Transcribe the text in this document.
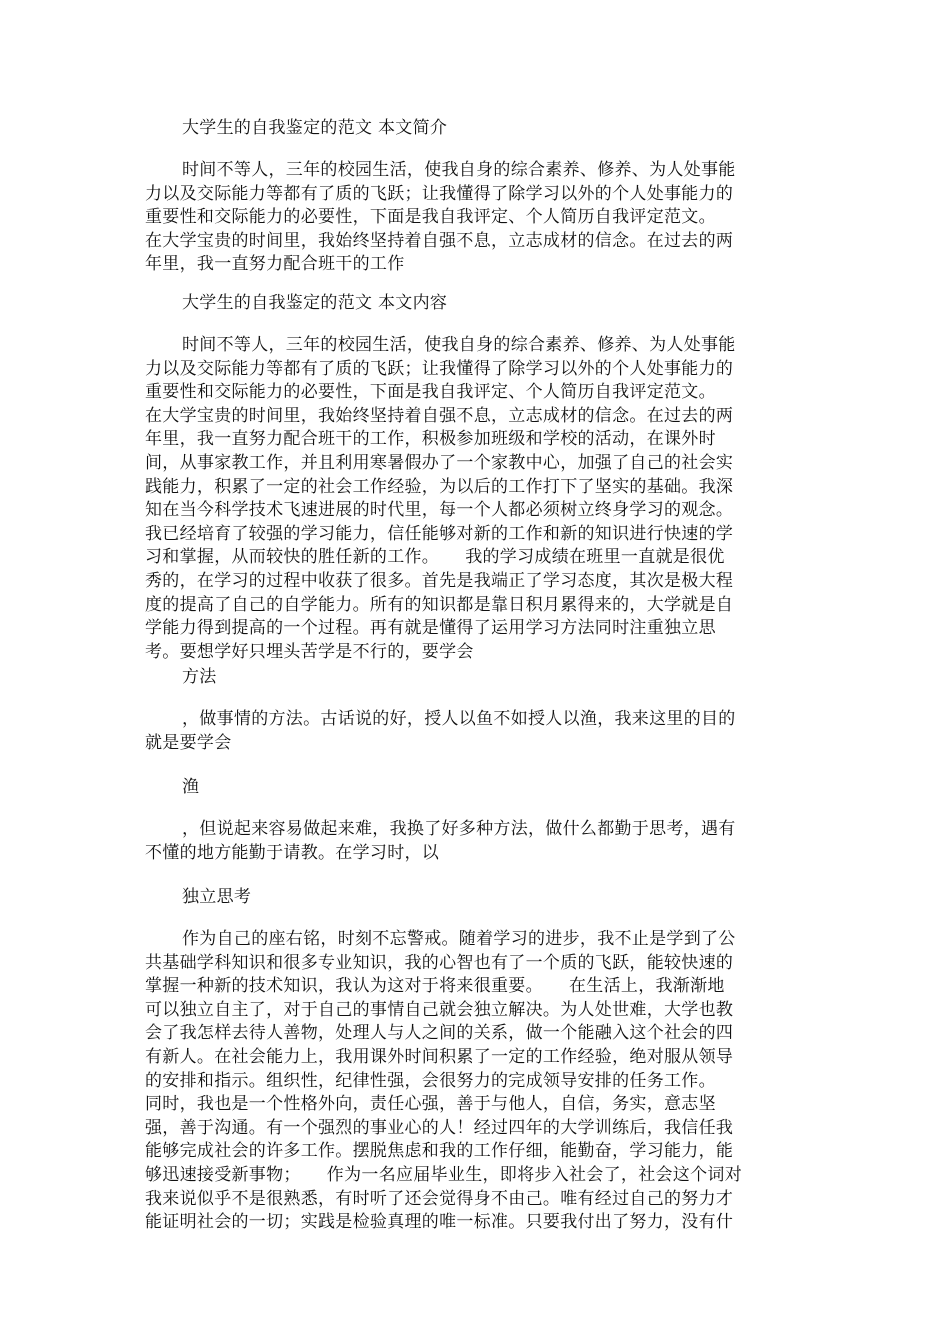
大学生的自我鉴定的范文 本文简介
时间不等人，三年的校园生活，使我自身的综合素养、修养、为人处事能
力以及交际能力等都有了质的飞跃；让我懂得了除学习以外的个人处事能力的
重要性和交际能力的必要性，下面是我自我评定、个人简历自我评定范文。
在大学宝贵的时间里，我始终坚持着自强不息，立志成材的信念。在过去的两
年里，我一直努力配合班干的工作
大学生的自我鉴定的范文 本文内容
时间不等人，三年的校园生活，使我自身的综合素养、修养、为人处事能
力以及交际能力等都有了质的飞跃；让我懂得了除学习以外的个人处事能力的
重要性和交际能力的必要性，下面是我自我评定、个人简历自我评定范文。
在大学宝贵的时间里，我始终坚持着自强不息，立志成材的信念。在过去的两
年里，我一直努力配合班干的工作，积极参加班级和学校的活动，在课外时
间，从事家教工作，并且利用寒暑假办了一个家教中心，加强了自己的社会实
践能力，积累了一定的社会工作经验，为以后的工作打下了坚实的基础。我深
知在当今科学技术飞速进展的时代里，每一个人都必须树立终身学习的观念。
我已经培育了较强的学习能力，信任能够对新的工作和新的知识进行快速的学
习和掌握，从而较快的胜任新的工作。　　我的学习成绩在班里一直就是很优
秀的，在学习的过程中收获了很多。首先是我端正了学习态度，其次是极大程
度的提高了自己的自学能力。所有的知识都是靠日积月累得来的，大学就是自
学能力得到提高的一个过程。再有就是懂得了运用学习方法同时注重独立思
考。要想学好只埋头苦学是不行的，要学会
方法
，做事情的方法。古话说的好，授人以鱼不如授人以渔，我来这里的目的
就是要学会
渔
，但说起来容易做起来难，我换了好多种方法，做什么都勤于思考，遇有
不懂的地方能勤于请教。在学习时，以
独立思考
作为自己的座右铭，时刻不忘警戒。随着学习的进步，我不止是学到了公
共基础学科知识和很多专业知识，我的心智也有了一个质的飞跃，能较快速的
掌握一种新的技术知识，我认为这对于将来很重要。　　在生活上，我渐渐地
可以独立自主了，对于自己的事情自己就会独立解决。为人处世难，大学也教
会了我怎样去待人善物，处理人与人之间的关系，做一个能融入这个社会的四
有新人。在社会能力上，我用课外时间积累了一定的工作经验，绝对服从领导
的安排和指示。组织性，纪律性强，会很努力的完成领导安排的任务工作。
同时，我也是一个性格外向，责任心强，善于与他人，自信，务实，意志坚
强，善于沟通。有一个强烈的事业心的人！经过四年的大学训练后，我信任我
能够完成社会的许多工作。摆脱焦虑和我的工作仔细，能勤奋，学习能力，能
够迅速接受新事物；　　作为一名应届毕业生，即将步入社会了，社会这个词对
我来说似乎不是很熟悉，有时听了还会觉得身不由己。唯有经过自己的努力才
能证明社会的一切；实践是检验真理的唯一标准。只要我付出了努力，没有什
